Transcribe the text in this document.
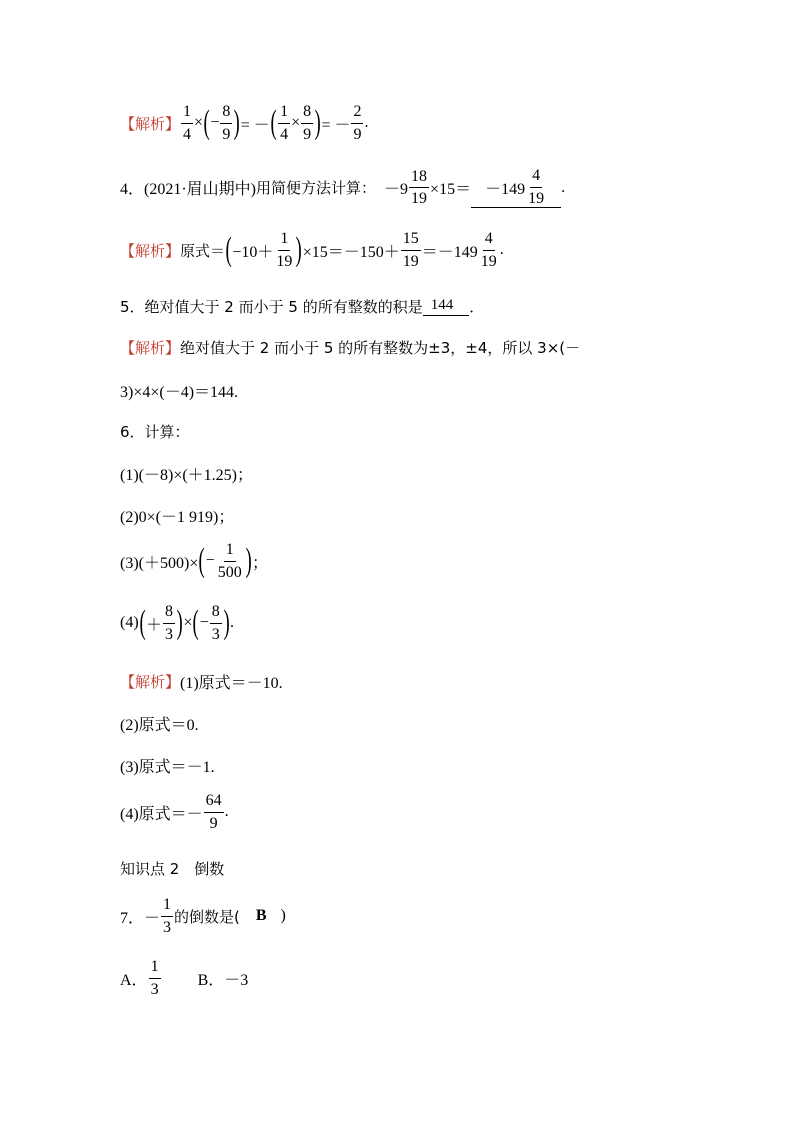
【解析】 $\frac{1}{4}$ × ( − $\frac{8}{9}$ ) = － ( $\frac{1}{4} \times \frac{8}{9}$ ) = － $\frac{2}{9}$ .
4． (2021·眉山期中) 用简便方法计算： $-9 \frac{18}{19} \times 15= -149 \frac{4}{19}$ .
【解析】 原式＝ ( $-10+ \frac{1}{19}$ ) $\times 15=-150+ \frac{15}{19} =-149 \frac{4}{19}$ .
5．绝对值大于 2 而小于 5 的所有整数的积是 144	．
【解析】 绝对值大于 2 而小于 5 的所有整数为±3，±4，所以 3×(－
3)×4×(－4)＝144.
6．计算：
(1)(－8)×(＋1.25)；
(2)0×(－1 919)；
(3)(＋500)× ( − $\frac{1}{500}$ ) ；
(4) ( ＋ $\frac{8}{3}$ ) × ( − $\frac{8}{3}$ ) .
【解析】 (1)原式＝－10.
(2)原式＝0.
(3)原式＝－1.
(4)原式＝－ $\frac{64}{9}$ .
知识点 2　倒数
7．－ $\frac{1}{3}$ 的倒数是( B )
A． $\frac{1}{3}$ B．－3
